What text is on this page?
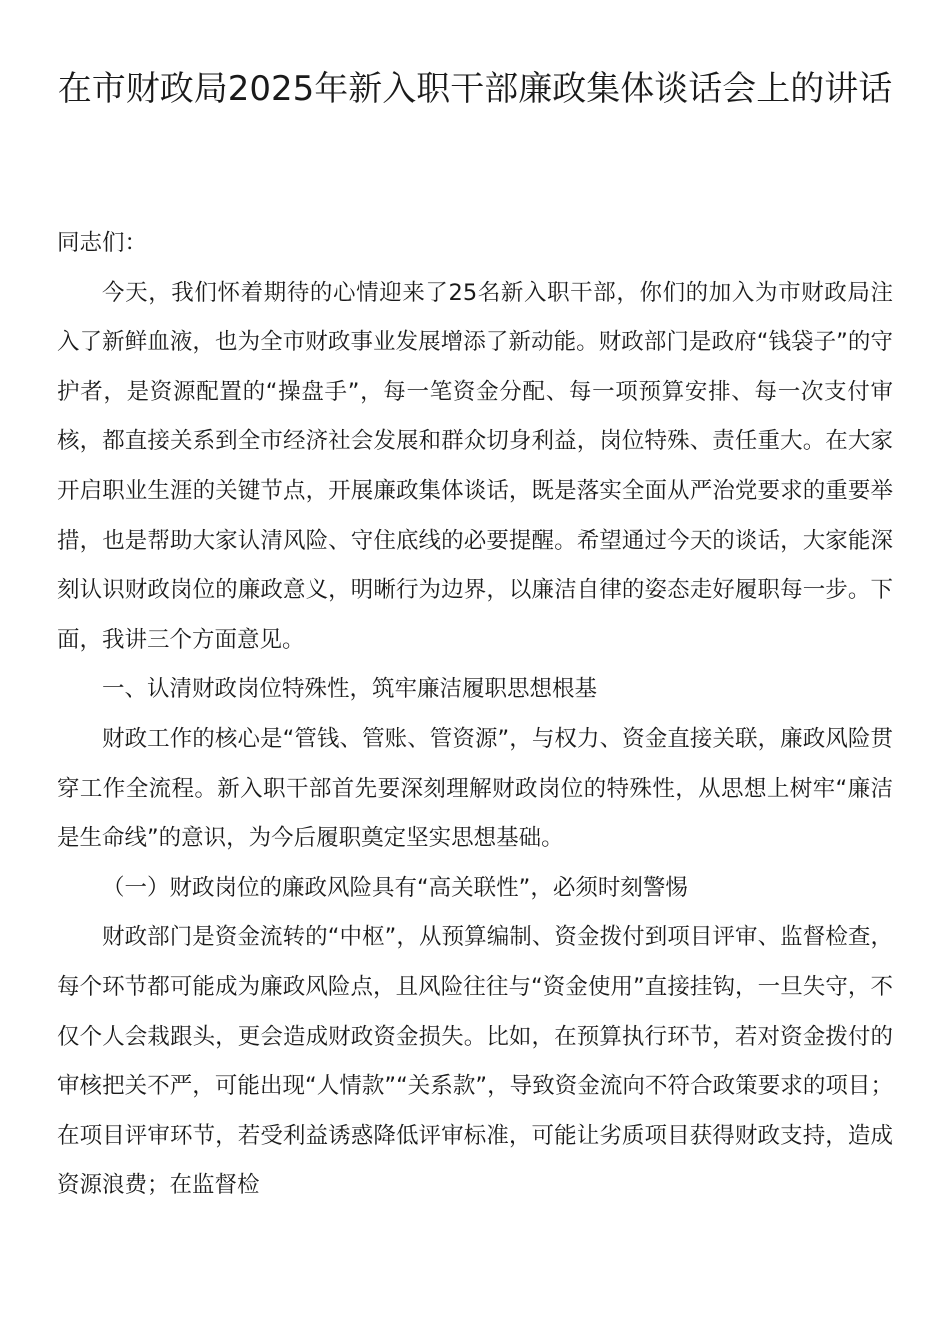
在市财政局2025年新入职干部廉政集体谈话会上的讲话

同志们：

今天，我们怀着期待的心情迎来了25名新入职干部，你们的加入为市财政局注入了新鲜血液，也为全市财政事业发展增添了新动能。财政部门是政府“钱袋子”的守护者，是资源配置的“操盘手”，每一笔资金分配、每一项预算安排、每一次支付审核，都直接关系到全市经济社会发展和群众切身利益，岗位特殊、责任重大。在大家开启职业生涯的关键节点，开展廉政集体谈话，既是落实全面从严治党要求的重要举措，也是帮助大家认清风险、守住底线的必要提醒。希望通过今天的谈话，大家能深刻认识财政岗位的廉政意义，明晰行为边界，以廉洁自律的姿态走好履职每一步。下面，我讲三个方面意见。

一、认清财政岗位特殊性，筑牢廉洁履职思想根基

财政工作的核心是“管钱、管账、管资源”，与权力、资金直接关联，廉政风险贯穿工作全流程。新入职干部首先要深刻理解财政岗位的特殊性，从思想上树牢“廉洁是生命线”的意识，为今后履职奠定坚实思想基础。

（一）财政岗位的廉政风险具有“高关联性”，必须时刻警惕

财政部门是资金流转的“中枢”，从预算编制、资金拨付到项目评审、监督检查，每个环节都可能成为廉政风险点，且风险往往与“资金使用”直接挂钩，一旦失守，不仅个人会栽跟头，更会造成财政资金损失。比如，在预算执行环节，若对资金拨付的审核把关不严，可能出现“人情款”“关系款”，导致资金流向不符合政策要求的项目；在项目评审环节，若受利益诱惑降低评审标准，可能让劣质项目获得财政支持，造成资源浪费；在监督检
